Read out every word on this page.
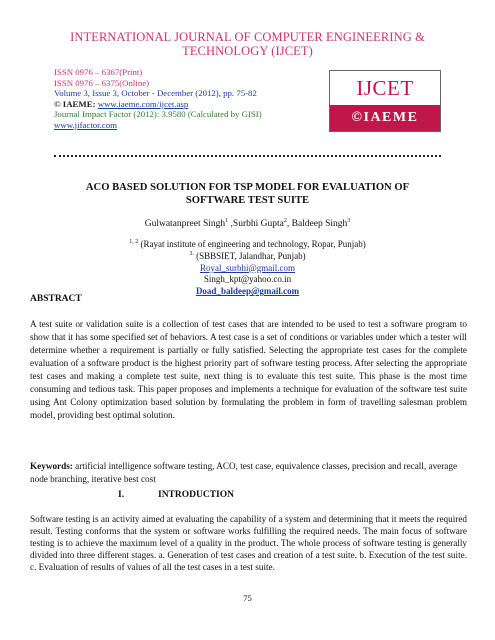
INTERNATIONAL JOURNAL OF COMPUTER ENGINEERING &
TECHNOLOGY (IJCET)
ISSN 0976 – 6367(Print)
ISSN 0976 – 6375(Online)
Volume 3, Issue 3, October - December (2012), pp. 75-82
© IAEME: www.iaeme.com/ijcet.asp
Journal Impact Factor (2012): 3.9580 (Calculated by GISI)
www.jifactor.com
IJCET
©IAEME
ACO BASED SOLUTION FOR TSP MODEL FOR EVALUATION OF
SOFTWARE TEST SUITE
Gulwatanpreet Singh$^1$ ,Surbhi Gupta$^2$, Baldeep Singh$^3$
$^{1, 2}$ (Rayat institute of engineering and technology, Ropar, Punjab)
$^{3.}$ (SBBSIET, Jalandhar, Punjab)
Royal_surbhi@gmail.com
Singh_kpt@yahoo.co.in
Doad_baldeep@gmail.com
ABSTRACT
A test suite or validation suite is a collection of test cases that are intended to be used to test a software program to show that it has some specified set of behaviors. A test case is a set of conditions or variables under which a tester will determine whether a requirement is partially or fully satisfied. Selecting the appropriate test cases for the complete evaluation of a software product is the highest priority part of software testing process. After selecting the appropriate test cases and making a complete test suite, next thing is to evaluate this test suite. This phase is the most time consuming and tedious task. This paper proposes and implements a technique for evaluation of the software test suite using Ant Colony optimization based solution by formulating the problem in form of travelling salesman problem model, providing best optimal solution.
Keywords: artificial intelligence software testing, ACO, test case, equivalence classes, precision and recall, average node branching, iterative best cost
I.	INTRODUCTION
Software testing is an activity aimed at evaluating the capability of a system and determining that it meets the required result. Testing conforms that the system or software works fulfilling the required needs. The main focus of software testing is to achieve the maximum level of a quality in the product. The whole process of software testing is generally divided into three different stages. a. Generation of test cases and creation of a test suite. b. Execution of the test suite. c. Evaluation of results of values of all the test cases in a test suite.
75
